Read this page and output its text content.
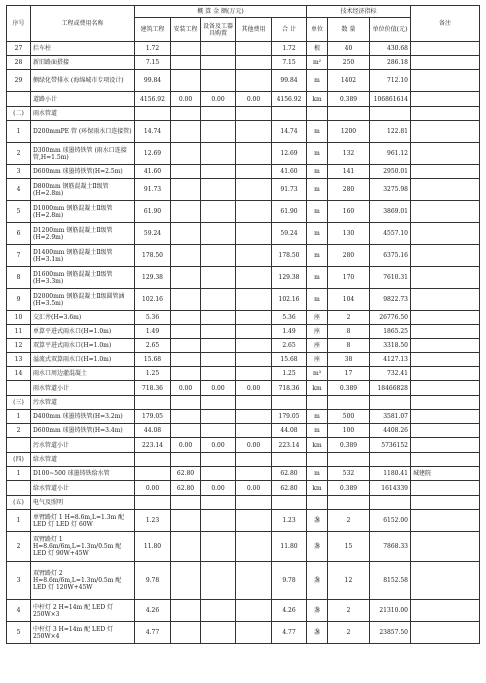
序号	工程或费用名称	概 算 金 额(万元)					技术经济指标			备注
		建筑工程	安装工程	设备及工器具购置	其他费用	合 计	单位	数 量	单位价值(元)	
27	拦车柱	1.72				1.72	根	40	430.68	
28	新旧路面搭接	7.15				7.15	m²	250	286.18	
29	侧绿化带排水 (海绵城市专项设计)	99.84				99.84	m	1402	712.10	
	道路小计	4156.92	0.00	0.00	0.00	4156.92	km	0.389	106861614	
(二)	雨水管道									
1	D200mmPE 管 (环保雨水口连接管)	14.74				14.74	m	1200	122.81	
2	D300mm 球墨铸铁管 (雨水口连接管,H=1.5m)	12.69				12.69	m	132	961.12	
3	D600mm 球墨铸铁管(H=2.5m)	41.60				41.60	m	141	2950.01	
4	D800mm 钢筋混凝土Ⅱ级管(H=2.8m)	91.73				91.73	m	280	3275.98	
5	D1000mm 钢筋混凝土Ⅱ级管(H=2.8m)	61.90				61.90	m	160	3869.01	
6	D1200mm 钢筋混凝土Ⅱ级管(H=2.9m)	59.24				59.24	m	130	4557.10	
7	D1400mm 钢筋混凝土Ⅱ级管(H=3.1m)	178.50				178.50	m	280	6375.16	
8	D1600mm 钢筋混凝土Ⅱ级管(H=3.3m)	129.38				129.38	m	170	7610.31	
9	D2000mm 钢筋混凝土Ⅱ级圆管涵(H=3.5m)	102.16				102.16	m	104	9822.73	
10	交汇井(H=3.6m)	5.36				5.36	座	2	26776.50	
11	单算平进式雨水口(H=1.0m)	1.49				1.49	座	8	1865.25	
12	双算平进式雨水口(H=1.0m)	2.65				2.65	座	8	3318.50	
13	溢流式双算雨水口(H=1.0m)	15.68				15.68	座	38	4127.13	
14	雨水口周边灌混凝土	1.25				1.25	m³	17	732.41	
	雨水管道小计	718.36	0.00	0.00	0.00	718.36	km	0.389	18466828	
(三)	污水管道									
1	D400mm 球墨铸铁管(H=3.2m)	179.05				179.05	m	500	3581.07	
2	D600mm 球墨铸铁管(H=3.4m)	44.08				44.08	m	100	4408.26	
	污水管道小计	223.14	0.00	0.00	0.00	223.14	km	0.389	5736152	
(四)	给水管道									
1	D100~500 球墨铸铁给水管		62.80			62.80	m	532	1180.41	城建院
	给水管道小计	0.00	62.80	0.00	0.00	62.80	km	0.389	1614339	
(五)	电气及照明									
1	单臂路灯 1 H=8.6m,L=1.3m 配 LED 灯 LED 灯 60W	1.23				1.23	盏	2	6152.00	
2	双臂路灯 1 H=8.6m/6m,L=1.3m/0.5m 配 LED 灯 90W+45W	11.80				11.80	盏	15	7868.33	
3	双臂路灯 2 H=8.6m/6m,L=1.3m/0.5m 配 LED 灯 120W+45W	9.78				9.78	盏	12	8152.58	
4	中杆灯 2 H=14m 配 LED 灯 250W×3	4.26				4.26	盏	2	21310.00	
5	中杆灯 3 H=14m 配 LED 灯 250W×4	4.77				4.77	盏	2	23857.50	
